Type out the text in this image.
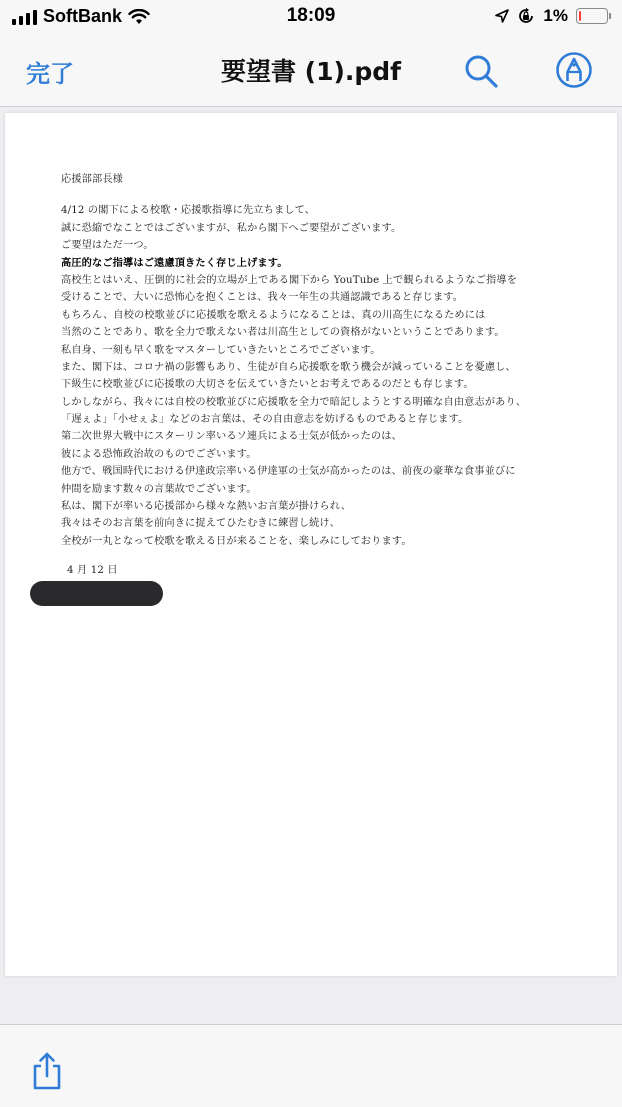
SoftBank	18:09	1%
完了	要望書 (1).pdf
応援部部長様
4/12 の閣下による校歌・応援歌指導に先立ちまして、
誠に恐縮でなことではございますが、私から閣下へご要望がございます。
ご要望はただ一つ。
高圧的なご指導はご遠慮頂きたく存じ上げます。
高校生とはいえ、圧倒的に社会的立場が上である閣下から YouTube 上で観られるようなご指導を
受けることで、大いに恐怖心を抱くことは、我々一年生の共通認識であると存じます。
もちろん、自校の校歌並びに応援歌を歌えるようになることは、真の川高生になるためには
当然のことであり、歌を全力で歌えない者は川高生としての資格がないということであります。
私自身、一刻も早く歌をマスターしていきたいところでございます。
また、閣下は、コロナ禍の影響もあり、生徒が自ら応援歌を歌う機会が減っていることを憂慮し、
下級生に校歌並びに応援歌の大切さを伝えていきたいとお考えであるのだとも存じます。
しかしながら、我々には自校の校歌並びに応援歌を全力で暗記しようとする明確な自由意志があり、
「遅ぇよ」「小せぇよ」などのお言葉は、その自由意志を妨げるものであると存じます。
第二次世界大戦中にスターリン率いるソ連兵による士気が低かったのは、
彼による恐怖政治故のものでございます。
他方で、戦国時代における伊達政宗率いる伊達軍の士気が高かったのは、前夜の豪華な食事並びに
仲間を励ます数々の言葉故でございます。
私は、閣下が率いる応援部から様々な熱いお言葉が掛けられ、
我々はそのお言葉を前向きに捉えてひたむきに練習し続け、
全校が一丸となって校歌を歌える日が来ることを、楽しみにしております。
4 月 12 日
